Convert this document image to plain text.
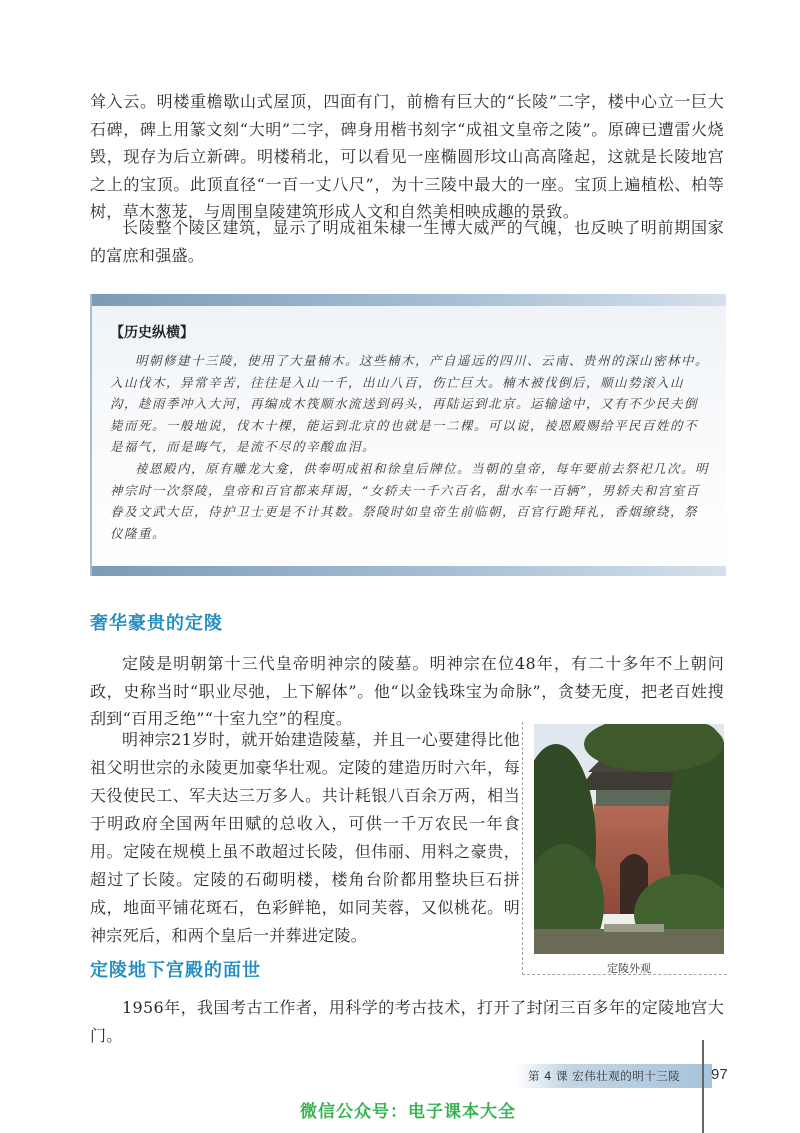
耸入云。明楼重檐歇山式屋顶，四面有门，前檐有巨大的“长陵”二字，楼中心立一巨大石碑，碑上用篆文刻“大明”二字，碑身用楷书刻字“成祖文皇帝之陵”。原碑已遭雷火烧毁，现存为后立新碑。明楼稍北，可以看见一座椭圆形坟山高高隆起，这就是长陵地宫之上的宝顶。此顶直径“一百一丈八尺”，为十三陵中最大的一座。宝顶上遍植松、柏等树，草木葱茏，与周围皇陵建筑形成人文和自然美相映成趣的景致。

长陵整个陵区建筑，显示了明成祖朱棣一生博大威严的气魄，也反映了明前期国家的富庶和强盛。

【历史纵横】

明朝修建十三陵，使用了大量楠木。这些楠木，产自遥远的四川、云南、贵州的深山密林中。入山伐木，异常辛苦，往往是入山一千，出山八百，伤亡巨大。楠木被伐倒后，顺山势滚入山沟，趁雨季冲入大河，再编成木筏顺水流送到码头，再陆运到北京。运输途中，又有不少民夫倒毙而死。一般地说，伐木十棵，能运到北京的也就是一二棵。可以说，祾恩殿赐给平民百姓的不是福气，而是晦气，是流不尽的辛酸血泪。

祾恩殿内，原有雕龙大龛，供奉明成祖和徐皇后牌位。当朝的皇帝，每年要前去祭祀几次。明神宗时一次祭陵，皇帝和百官都来拜谒，“女轿夫一千六百名，甜水车一百辆”，男轿夫和宫室百眷及文武大臣，侍护卫士更是不计其数。祭陵时如皇帝生前临朝，百官行跪拜礼，香烟缭绕，祭仪隆重。

奢华豪贵的定陵

定陵是明朝第十三代皇帝明神宗的陵墓。明神宗在位48年，有二十多年不上朝问政，史称当时“职业尽弛，上下解体”。他“以金钱珠宝为命脉”，贪婪无度，把老百姓搜刮到“百用乏绝”“十室九空”的程度。

明神宗21岁时，就开始建造陵墓，并且一心要建得比他祖父明世宗的永陵更加豪华壮观。定陵的建造历时六年，每天役使民工、军夫达三万多人。共计耗银八百余万两，相当于明政府全国两年田赋的总收入，可供一千万农民一年食用。定陵在规模上虽不敢超过长陵，但伟丽、用料之豪贵，超过了长陵。定陵的石砌明楼，楼角台阶都用整块巨石拼成，地面平铺花斑石，色彩鲜艳，如同芙蓉，又似桃花。明神宗死后，和两个皇后一并葬进定陵。

定陵外观
定陵地下宫殿的面世

1956年，我国考古工作者，用科学的考古技术，打开了封闭三百多年的定陵地宫大门。

第 4 课 宏伟壮观的明十三陵 97
微信公众号：电子课本大全
